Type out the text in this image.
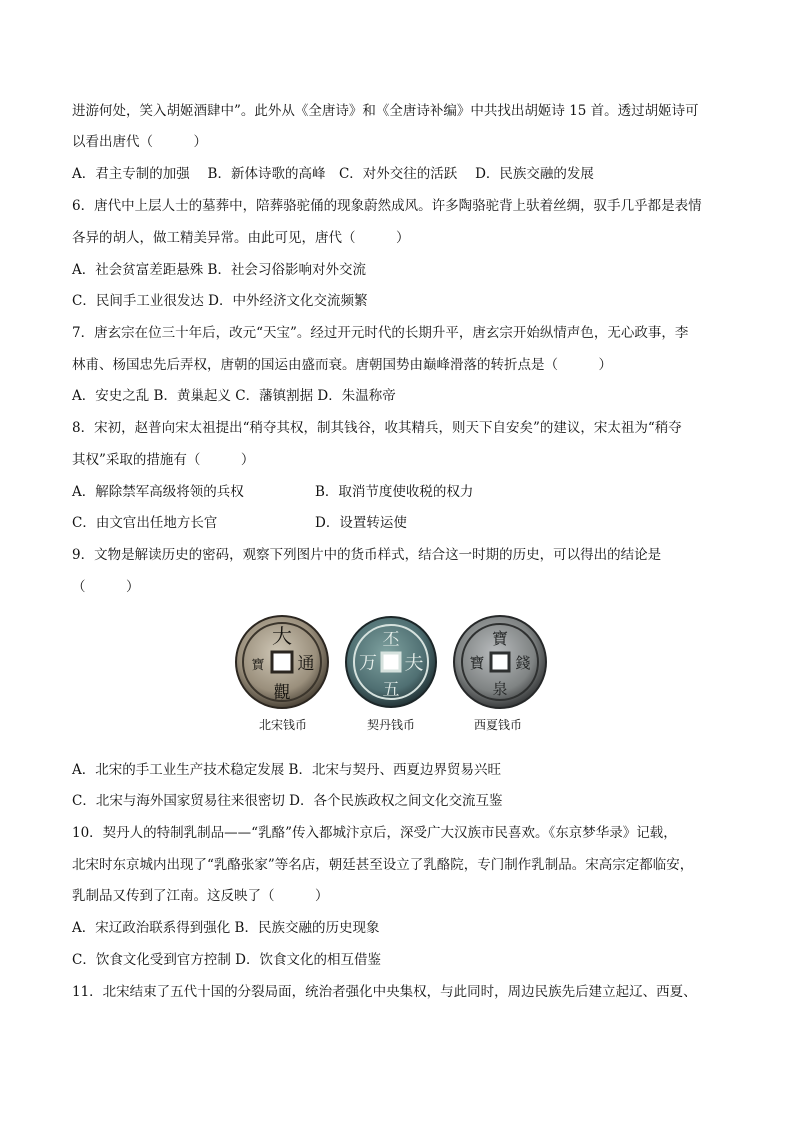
进游何处，笑入胡姬酒肆中”。此外从《全唐诗》和《全唐诗补编》中共找出胡姬诗 15 首。透过胡姬诗可
以看出唐代（　　　）
A．君主专制的加强　 B．新体诗歌的高峰　C．对外交往的活跃　 D．民族交融的发展
6．唐代中上层人士的墓葬中，陪葬骆驼俑的现象蔚然成风。许多陶骆驼背上驮着丝绸，驭手几乎都是表情
各异的胡人，做工精美异常。由此可见，唐代（　　　）
A．社会贫富差距悬殊 B．社会习俗影响对外交流
C．民间手工业很发达 D．中外经济文化交流频繁
7．唐玄宗在位三十年后，改元“天宝”。经过开元时代的长期升平，唐玄宗开始纵情声色，无心政事，李
林甫、杨国忠先后弄权，唐朝的国运由盛而衰。唐朝国势由巅峰滑落的转折点是（　　　）
A．安史之乱 B．黄巢起义 C．藩镇割据 D．朱温称帝
8．宋初，赵普向宋太祖提出“稍夺其权，制其钱谷，收其精兵，则天下自安矣”的建议，宋太祖为“稍夺
其权”采取的措施有（　　　）
A．解除禁军高级将领的兵权	B．取消节度使收税的权力
C．由文官出任地方长官	D．设置转运使
9．文物是解读历史的密码，观察下列图片中的货币样式，结合这一时期的历史，可以得出的结论是
（　　　）
大
通
觀
寶
丕
夫
五
万
寶
錢
泉
寶
北宋钱币	契丹钱币	西夏钱币
A．北宋的手工业生产技术稳定发展 B．北宋与契丹、西夏边界贸易兴旺
C．北宋与海外国家贸易往来很密切 D．各个民族政权之间文化交流互鉴
10．契丹人的特制乳制品——“乳酪”传入都城汴京后，深受广大汉族市民喜欢。《东京梦华录》记载，
北宋时东京城内出现了“乳酪张家”等名店，朝廷甚至设立了乳酪院，专门制作乳制品。宋高宗定都临安，
乳制品又传到了江南。这反映了（　　　）
A．宋辽政治联系得到强化 B．民族交融的历史现象
C．饮食文化受到官方控制 D．饮食文化的相互借鉴
11．北宋结束了五代十国的分裂局面，统治者强化中央集权，与此同时，周边民族先后建立起辽、西夏、
